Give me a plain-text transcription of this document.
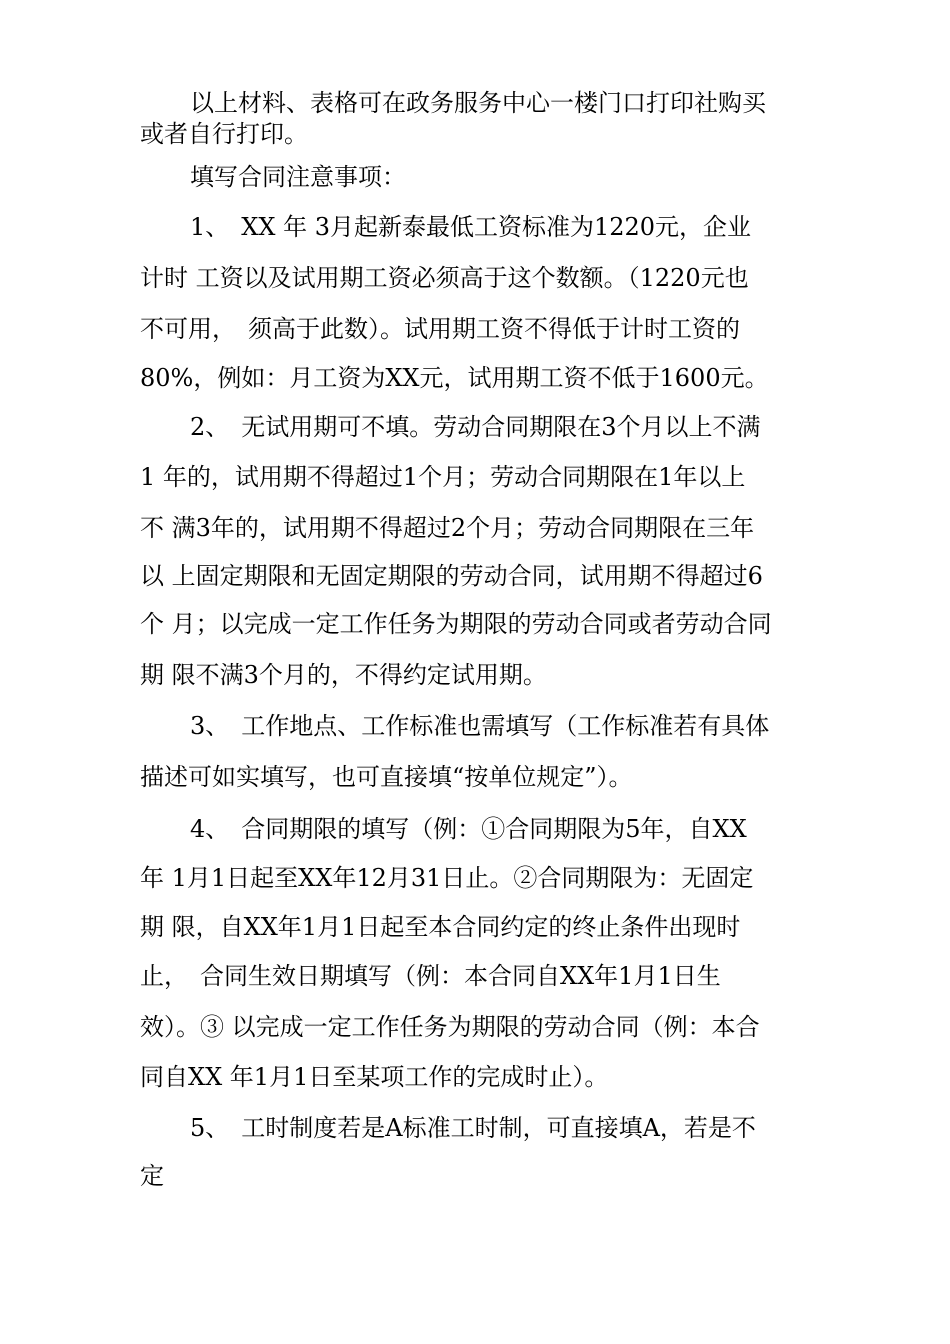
以上材料、表格可在政务服务中心一楼门口打印社购买
或者自行打印。
填写合同注意事项：
1、　XX 年 3月起新泰最低工资标准为1220元，企业
计时 工资以及试用期工资必须高于这个数额。（1220元也
不可用，　须高于此数）。试用期工资不得低于计时工资的
80%，例如：月工资为XX元，试用期工资不低于1600元。
2、　无试用期可不填。劳动合同期限在3个月以上不满
1 年的，试用期不得超过1个月；劳动合同期限在1年以上
不 满3年的，试用期不得超过2个月；劳动合同期限在三年
以 上固定期限和无固定期限的劳动合同，试用期不得超过6
个 月；以完成一定工作任务为期限的劳动合同或者劳动合同
期 限不满3个月的，不得约定试用期。
3、　工作地点、工作标准也需填写（工作标准若有具体
描述可如实填写，也可直接填“按单位规定”）。
4、　合同期限的填写（例：①合同期限为5年，自XX
年 1月1日起至XX年12月31日止。②合同期限为：无固定
期 限，自XX年1月1日起至本合同约定的终止条件出现时
止，　合同生效日期填写（例：本合同自XX年1月1日生
效）。③ 以完成一定工作任务为期限的劳动合同（例：本合
同自XX 年1月1日至某项工作的完成时止）。
5、　工时制度若是A标准工时制，可直接填A，若是不
定
